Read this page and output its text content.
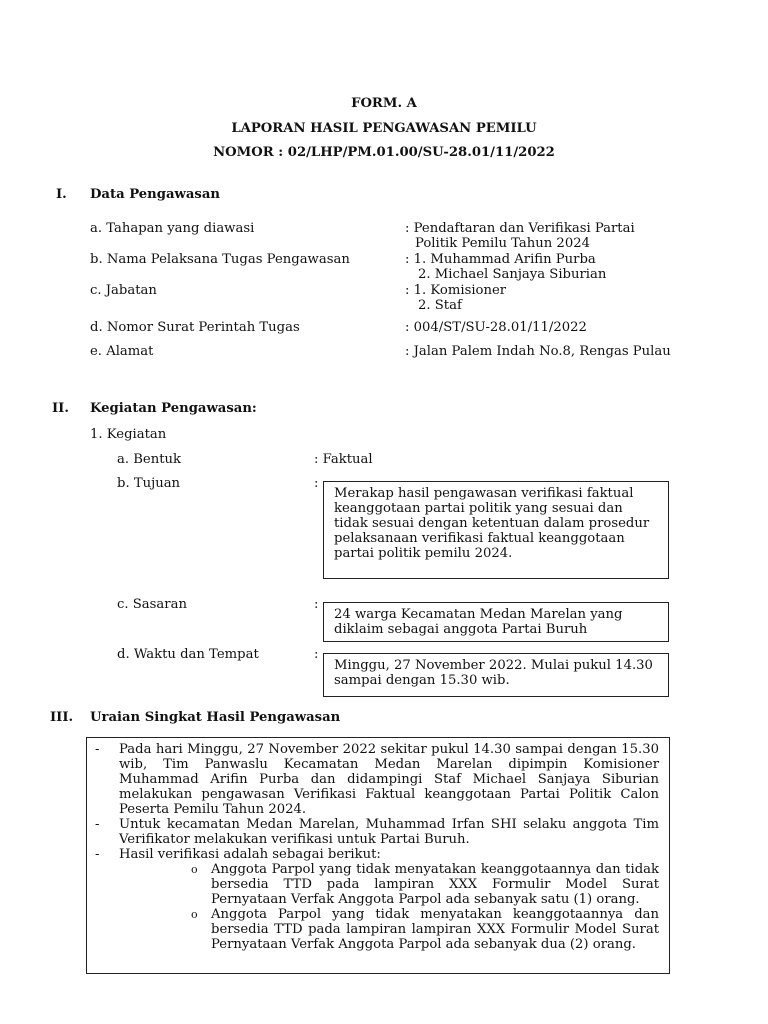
FORM. A
LAPORAN HASIL PENGAWASAN PEMILU
NOMOR : 02/LHP/PM.01.00/SU-28.01/11/2022
I. Data Pengawasan
a. Tahapan yang diawasi	: Pendaftaran dan Verifikasi Partai
Politik Pemilu Tahun 2024
b. Nama Pelaksana Tugas Pengawasan	: 1. Muhammad Arifin Purba
2. Michael Sanjaya Siburian
c. Jabatan	: 1. Komisioner
2. Staf
d. Nomor Surat Perintah Tugas	: 004/ST/SU-28.01/11/2022
e. Alamat	: Jalan Palem Indah No.8, Rengas Pulau
II. Kegiatan Pengawasan:
1. Kegiatan
a. Bentuk	: Faktual
b. Tujuan	:
Merakap hasil pengawasan verifikasi faktual keanggotaan partai politik yang sesuai dan tidak sesuai dengan ketentuan dalam prosedur pelaksanaan verifikasi faktual keanggotaan partai politik pemilu 2024.
c. Sasaran	:
24 warga Kecamatan Medan Marelan yang diklaim sebagai anggota Partai Buruh
d. Waktu dan Tempat	:
Minggu, 27 November 2022. Mulai pukul 14.30 sampai dengan 15.30 wib.
III. Uraian Singkat Hasil Pengawasan
- Pada hari Minggu, 27 November 2022 sekitar pukul 14.30 sampai dengan 15.30 wib, Tim Panwaslu Kecamatan Medan Marelan dipimpin Komisioner Muhammad Arifin Purba dan didampingi Staf Michael Sanjaya Siburian melakukan pengawasan Verifikasi Faktual keanggotaan Partai Politik Calon Peserta Pemilu Tahun 2024.
- Untuk kecamatan Medan Marelan, Muhammad Irfan SHI selaku anggota Tim Verifikator melakukan verifikasi untuk Partai Buruh.
- Hasil verifikasi adalah sebagai berikut:
o Anggota Parpol yang tidak menyatakan keanggotaannya dan tidak bersedia TTD pada lampiran XXX Formulir Model Surat Pernyataan Verfak Anggota Parpol ada sebanyak satu (1) orang.
o Anggota Parpol yang tidak menyatakan keanggotaannya dan bersedia TTD pada lampiran lampiran XXX Formulir Model Surat Pernyataan Verfak Anggota Parpol ada sebanyak dua (2) orang.
